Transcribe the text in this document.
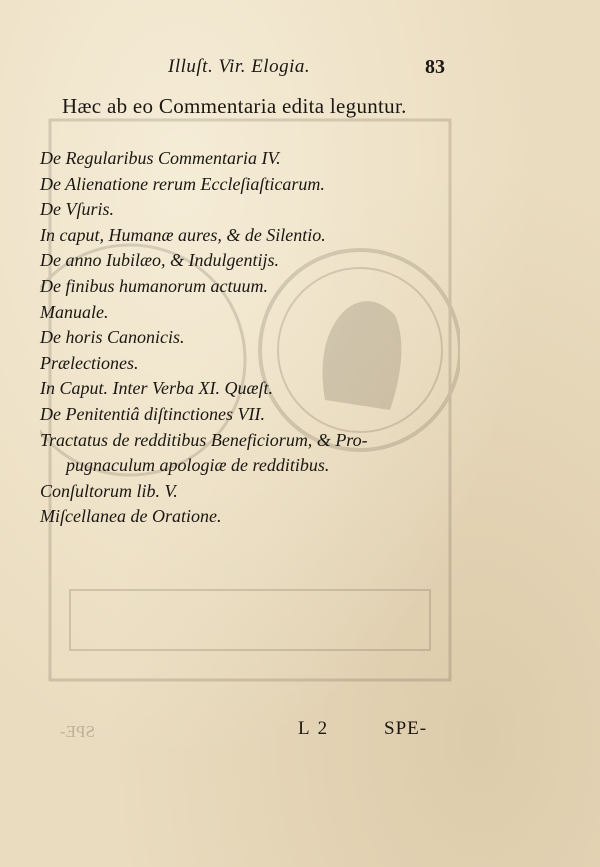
Illuſt. Vir. Elogia.	83
Hæc ab eo Commentaria edita leguntur.
De Regularibus Commentaria IV.
De Alienatione rerum Eccleſiaſticarum.
De Vſuris.
In caput, Humanæ aures, & de Silentio.
De anno Iubilæo, & Indulgentijs.
De finibus humanorum actuum.
Manuale.
De horis Canonicis.
Prælectiones.
In Caput. Inter Verba XI. Quæſt.
De Penitentiâ diſtinctiones VII.
Tractatus de redditibus Beneficiorum, & Pro-
pugnaculum apologiæ de redditibus.
Conſultorum lib. V.
Miſcellanea de Oratione.
SPE-	L 2	SPE-
